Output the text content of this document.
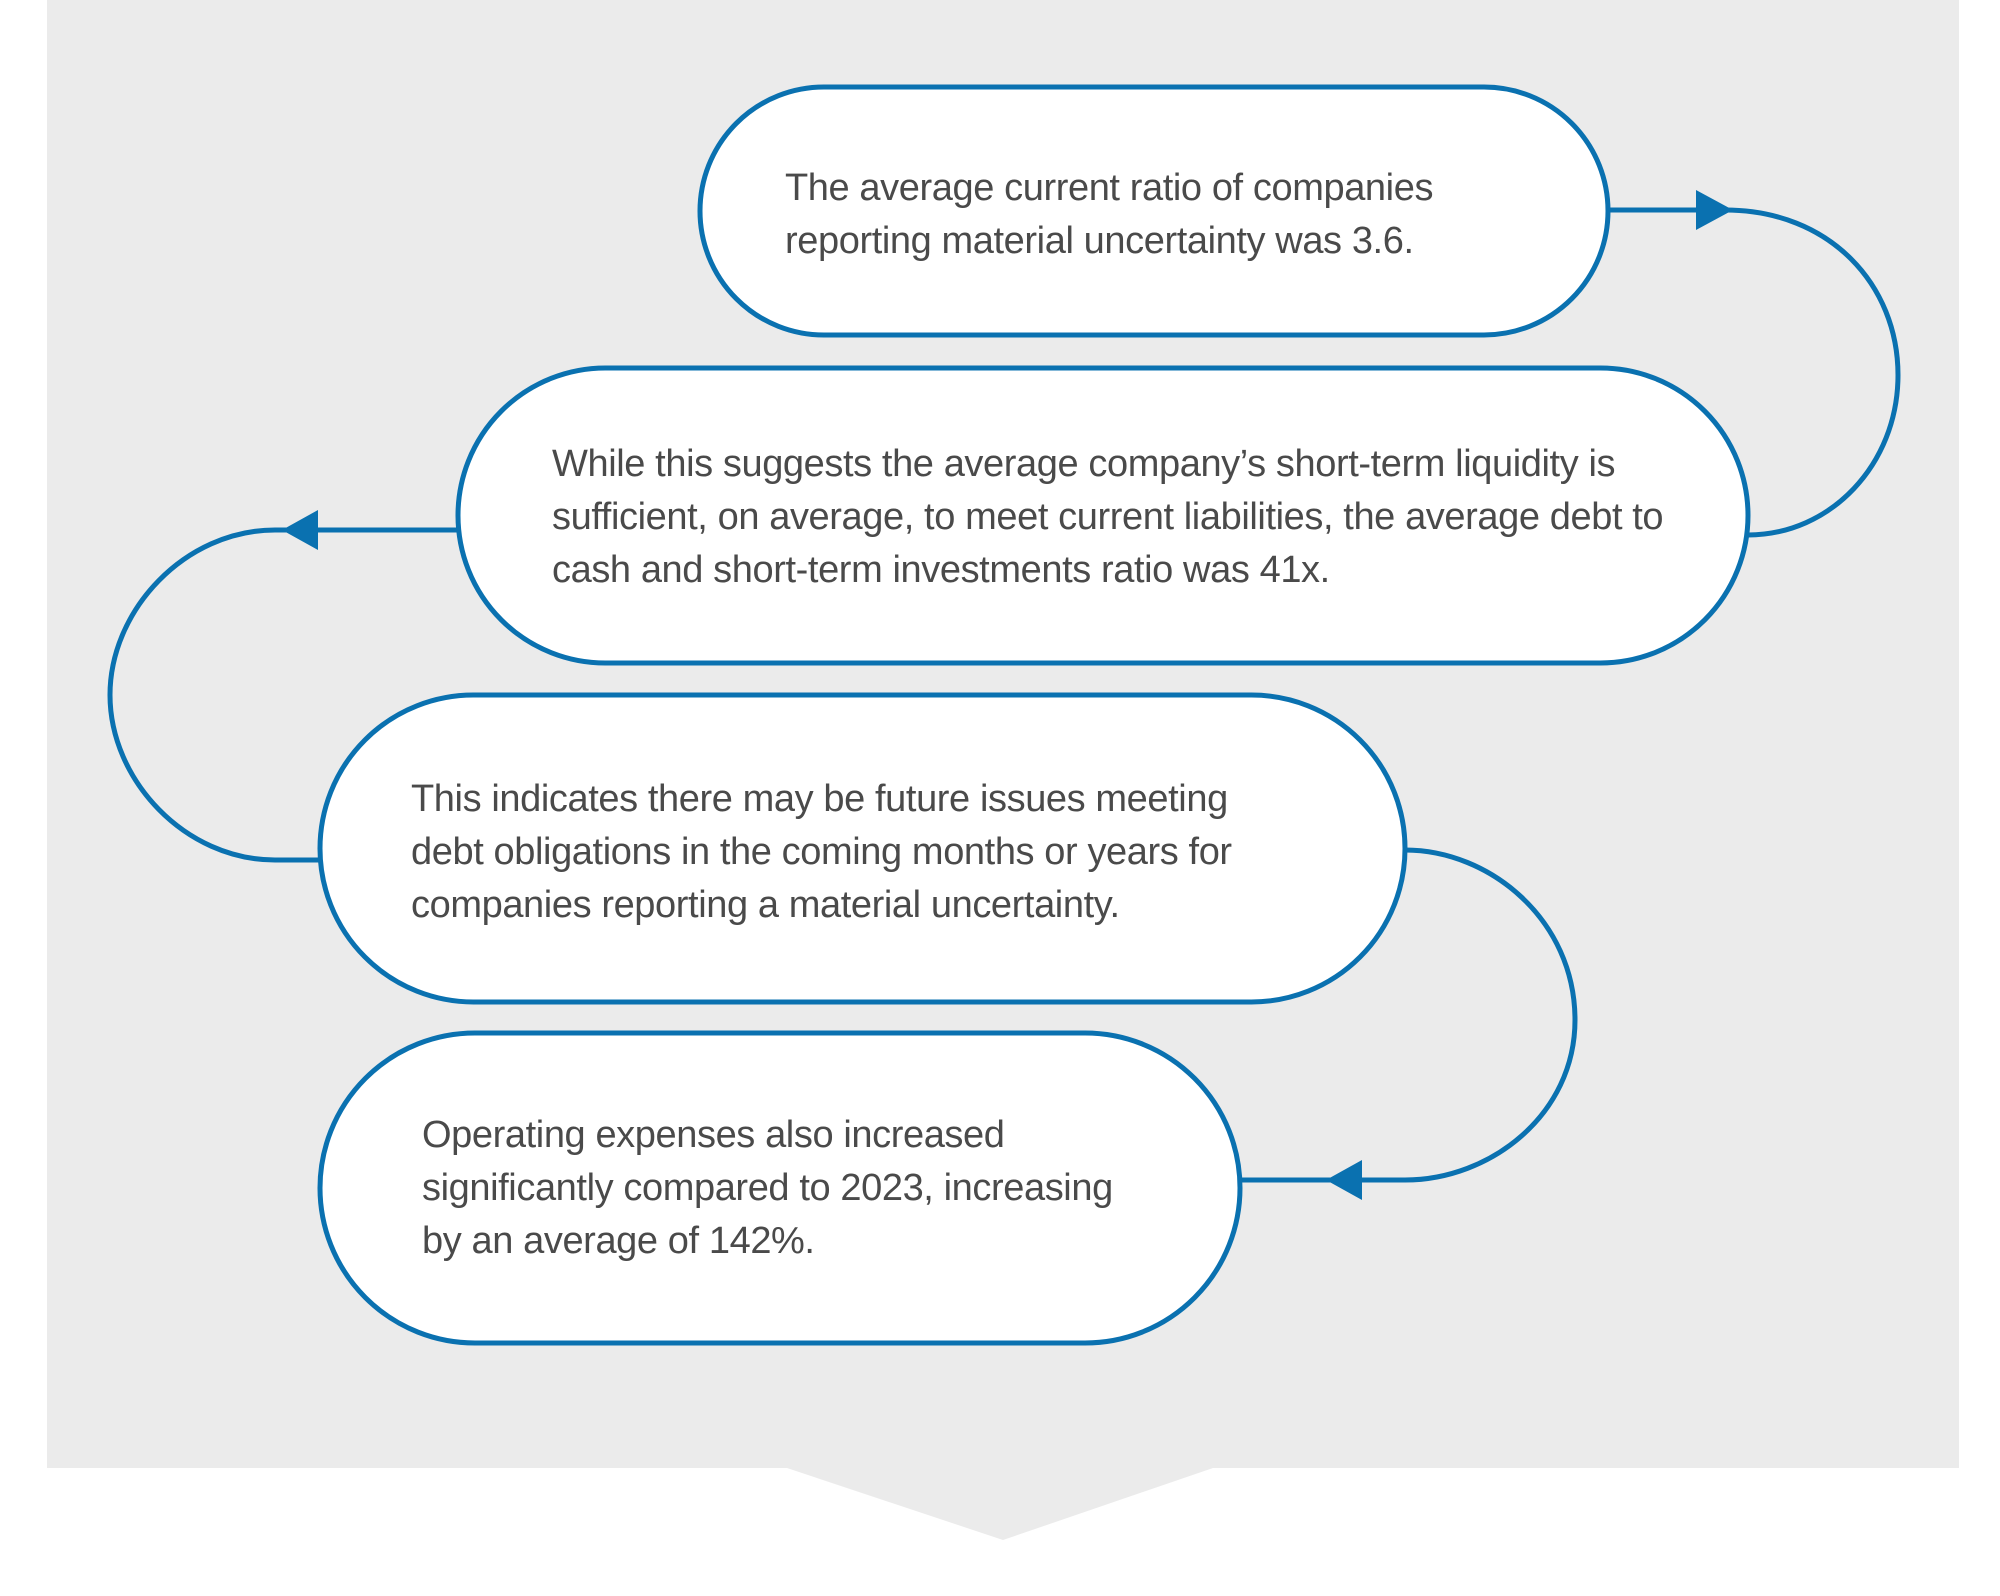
The average current ratio of companies reporting material uncertainty was 3.6.
While this suggests the average company’s short-term liquidity is sufficient, on average, to meet current liabilities, the average debt to cash and short-term investments ratio was 41x.
This indicates there may be future issues meeting debt obligations in the coming months or years for companies reporting a material uncertainty.
Operating expenses also increased significantly compared to 2023, increasing by an average of 142%.
